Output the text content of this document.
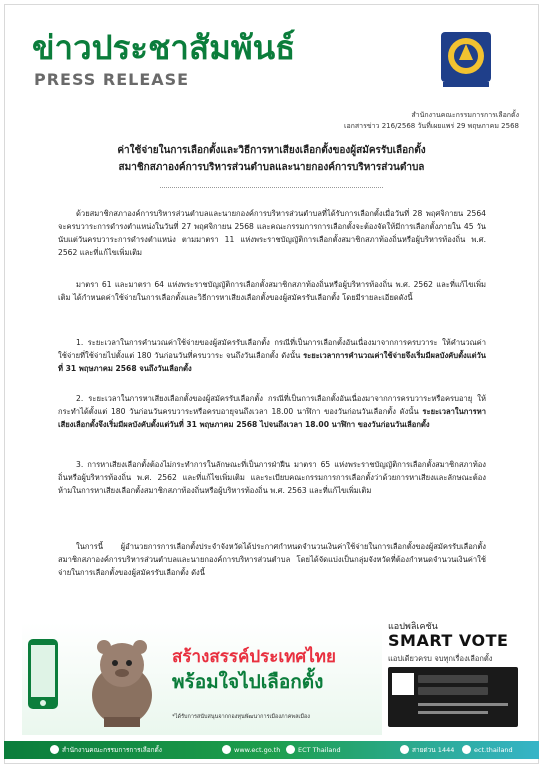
ข่าวประชาสัมพันธ์
PRESS RELEASE
สำนักงานคณะกรรมการการเลือกตั้ง
เอกสารข่าว 216/2568 วันที่เผยแพร่ 29 พฤษภาคม 2568
ค่าใช้จ่ายในการเลือกตั้งและวิธีการหาเสียงเลือกตั้งของผู้สมัครรับเลือกตั้ง
สมาชิกสภาองค์การบริหารส่วนตำบลและนายกองค์การบริหารส่วนตำบล

ด้วยสมาชิกสภาองค์การบริหารส่วนตำบลและนายกองค์การบริหารส่วนตำบลที่ได้รับการเลือกตั้งเมื่อวันที่ 28 พฤศจิกายน 2564 จะครบวาระการดำรงตำแหน่งในวันที่ 27 พฤศจิกายน 2568 และคณะกรรมการการเลือกตั้งจะต้องจัดให้มีการเลือกตั้งภายใน 45 วันนับแต่วันครบวาระการดำรงตำแหน่ง ตามมาตรา 11 แห่งพระราชบัญญัติการเลือกตั้งสมาชิกสภาท้องถิ่นหรือผู้บริหารท้องถิ่น พ.ศ. 2562 และที่แก้ไขเพิ่มเติม

มาตรา 61 และมาตรา 64 แห่งพระราชบัญญัติการเลือกตั้งสมาชิกสภาท้องถิ่นหรือผู้บริหารท้องถิ่น พ.ศ. 2562 และที่แก้ไขเพิ่มเติม ได้กำหนดค่าใช้จ่ายในการเลือกตั้งและวิธีการหาเสียงเลือกตั้งของผู้สมัครรับเลือกตั้ง โดยมีรายละเอียดดังนี้

1. ระยะเวลาในการคำนวณค่าใช้จ่ายของผู้สมัครรับเลือกตั้ง กรณีที่เป็นการเลือกตั้งอันเนื่องมาจากการครบวาระ ให้คำนวณค่าใช้จ่ายที่ใช้จ่ายไปตั้งแต่ 180 วันก่อนวันที่ครบวาระ จนถึงวันเลือกตั้ง ดังนั้น ระยะเวลาการคำนวณค่าใช้จ่ายจึงเริ่มมีผลบังคับตั้งแต่วันที่ 31 พฤษภาคม 2568 จนถึงวันเลือกตั้ง

2. ระยะเวลาในการหาเสียงเลือกตั้งของผู้สมัครรับเลือกตั้ง กรณีที่เป็นการเลือกตั้งอันเนื่องมาจากการครบวาระหรือครบอายุ ให้กระทำได้ตั้งแต่ 180 วันก่อนวันครบวาระหรือครบอายุจนถึงเวลา 18.00 นาฬิกา ของวันก่อนวันเลือกตั้ง ดังนั้น ระยะเวลาในการหาเสียงเลือกตั้งจึงเริ่มมีผลบังคับตั้งแต่วันที่ 31 พฤษภาคม 2568 ไปจนถึงเวลา 18.00 นาฬิกา ของวันก่อนวันเลือกตั้ง

3. การหาเสียงเลือกตั้งต้องไม่กระทำการในลักษณะที่เป็นการฝ่าฝืน มาตรา 65 แห่งพระราชบัญญัติการเลือกตั้งสมาชิกสภาท้องถิ่นหรือผู้บริหารท้องถิ่น พ.ศ. 2562 และที่แก้ไขเพิ่มเติม และระเบียบคณะกรรมการการเลือกตั้งว่าด้วยการหาเสียงและลักษณะต้องห้ามในการหาเสียงเลือกตั้งสมาชิกสภาท้องถิ่นหรือผู้บริหารท้องถิ่น พ.ศ. 2563 และที่แก้ไขเพิ่มเติม

ในการนี้ ผู้อำนวยการการเลือกตั้งประจำจังหวัดได้ประกาศกำหนดจำนวนเงินค่าใช้จ่ายในการเลือกตั้งของผู้สมัครรับเลือกตั้งสมาชิกสภาองค์การบริหารส่วนตำบลและนายกองค์การบริหารส่วนตำบล โดยได้จัดแบ่งเป็นกลุ่มจังหวัดที่ต้องกำหนดจำนวนเงินค่าใช้จ่ายในการเลือกตั้งของผู้สมัครรับเลือกตั้ง ดังนี้

สร้างสรรค์ประเทศไทย
พร้อมใจไปเลือกตั้ง
*ได้รับการสนับสนุนจากกองทุนพัฒนาการเมืองภาคพลเมือง
แอปพลิเคชัน
SMART VOTE
แอปเดียวครบ จบทุกเรื่องเลือกตั้ง
สำนักงานคณะกรรมการการเลือกตั้ง	www.ect.go.th	ECT Thailand	สายด่วน 1444	ect.thailand
